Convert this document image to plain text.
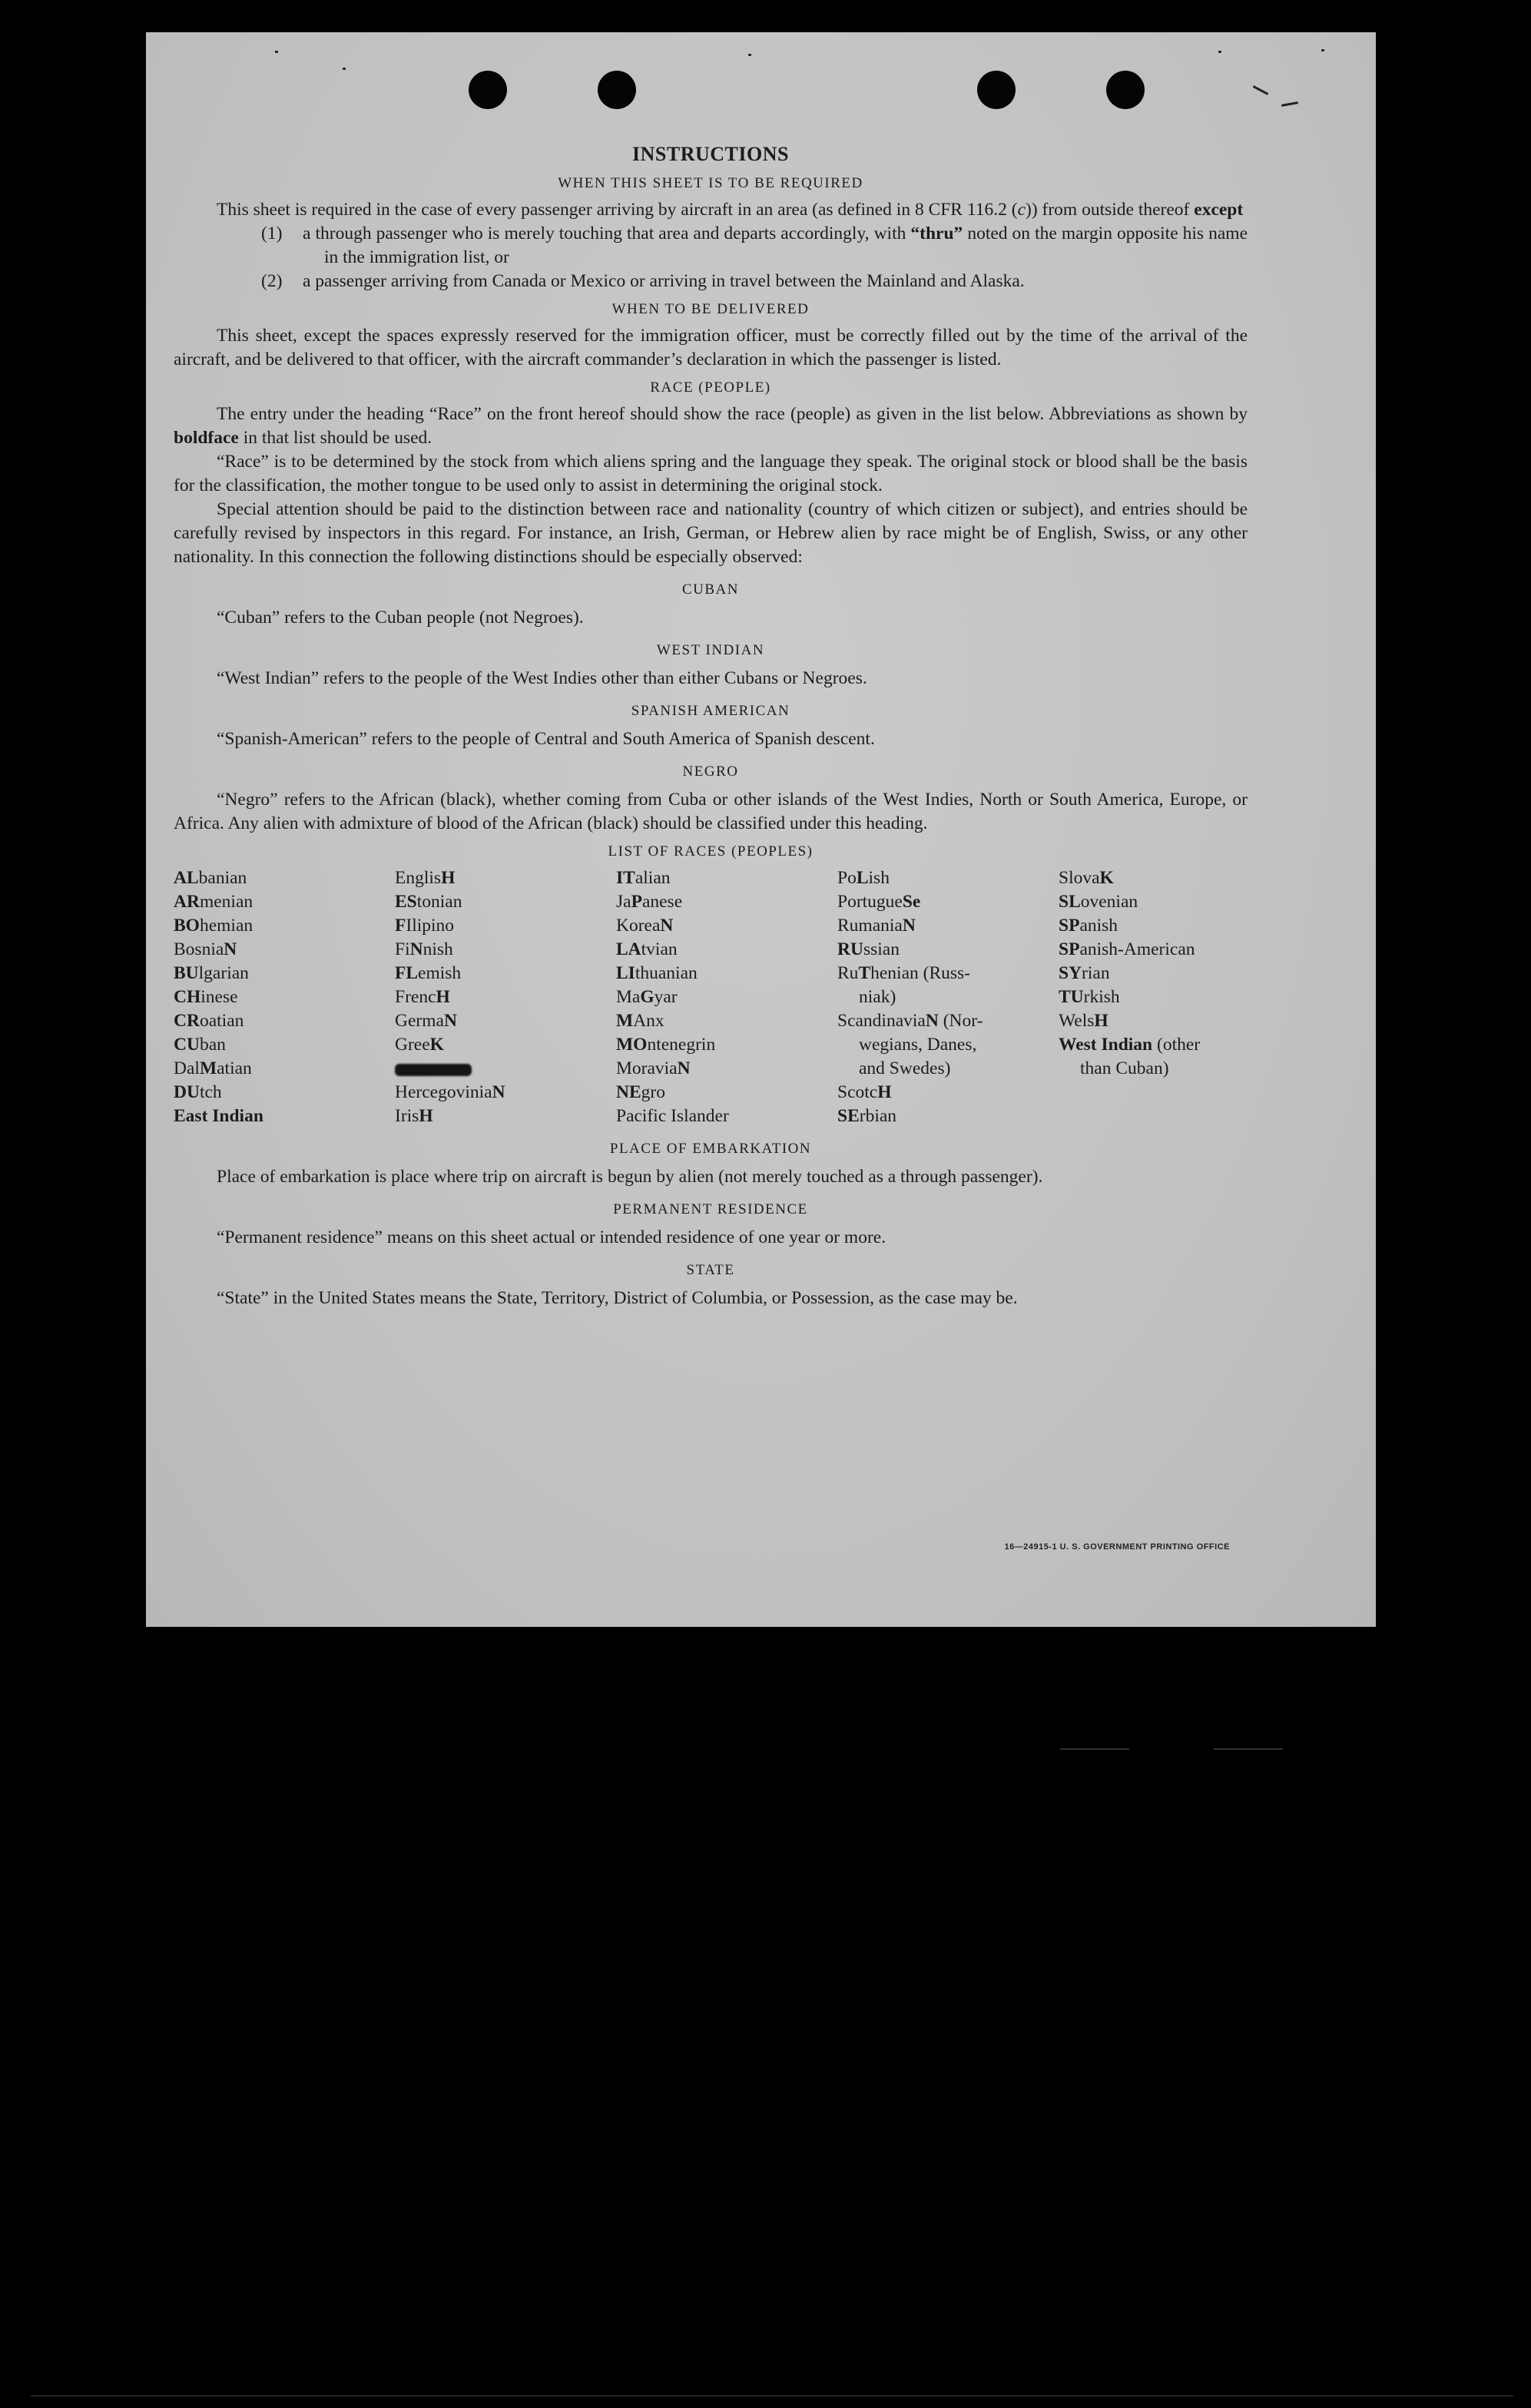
INSTRUCTIONS
WHEN THIS SHEET IS TO BE REQUIRED

This sheet is required in the case of every passenger arriving by aircraft in an area (as defined in 8 CFR 116.2 (c)) from outside thereof except

(1) a through passenger who is merely touching that area and departs accordingly, with “thru” noted on the margin opposite his name in the immigration list, or

(2) a passenger arriving from Canada or Mexico or arriving in travel between the Mainland and Alaska.

WHEN TO BE DELIVERED

This sheet, except the spaces expressly reserved for the immigration officer, must be correctly filled out by the time of the arrival of the aircraft, and be delivered to that officer, with the aircraft commander’s declaration in which the passenger is listed.

RACE (PEOPLE)

The entry under the heading “Race” on the front hereof should show the race (people) as given in the list below. Abbreviations as shown by boldface in that list should be used.

“Race” is to be determined by the stock from which aliens spring and the language they speak. The original stock or blood shall be the basis for the classification, the mother tongue to be used only to assist in determining the original stock.

Special attention should be paid to the distinction between race and nationality (country of which citizen or subject), and entries should be carefully revised by inspectors in this regard. For instance, an Irish, German, or Hebrew alien by race might be of English, Swiss, or any other nationality. In this connection the following distinctions should be especially observed:

CUBAN

“Cuban” refers to the Cuban people (not Negroes).

WEST INDIAN

“West Indian” refers to the people of the West Indies other than either Cubans or Negroes.

SPANISH AMERICAN

“Spanish-American” refers to the people of Central and South America of Spanish descent.

NEGRO

“Negro” refers to the African (black), whether coming from Cuba or other islands of the West Indies, North or South America, Europe, or Africa. Any alien with admixture of blood of the African (black) should be classified under this heading.

LIST OF RACES (PEOPLES)
ALbanian
ARmenian
BOhemian
BosniaN
BUlgarian
CHinese
CRoatian
CUban
DalMatian
DUtch
East Indian
EnglisH
EStonian
FIlipino
FiNnish
FLemish
FrencH
GermaN
GreeK
HercegoviniaN
IrisH
ITalian
JaPanese
KoreaN
LAtvian
LIthuanian
MaGyar
MAnx
MOntenegrin
MoraviaN
NEgro
Pacific Islander
PoLish
PortugueSe
RumaniaN
RUssian
RuThenian (Russ-
niak)
ScandinaviaN (Nor-
wegians, Danes,
and Swedes)
ScotcH
SErbian
SlovaK
SLovenian
SPanish
SPanish-American
SYrian
TUrkish
WelsH
West Indian (other
than Cuban)
PLACE OF EMBARKATION

Place of embarkation is place where trip on aircraft is begun by alien (not merely touched as a through passenger).

PERMANENT RESIDENCE

“Permanent residence” means on this sheet actual or intended residence of one year or more.

STATE

“State” in the United States means the State, Territory, District of Columbia, or Possession, as the case may be.

16—24915-1 U. S. GOVERNMENT PRINTING OFFICE
